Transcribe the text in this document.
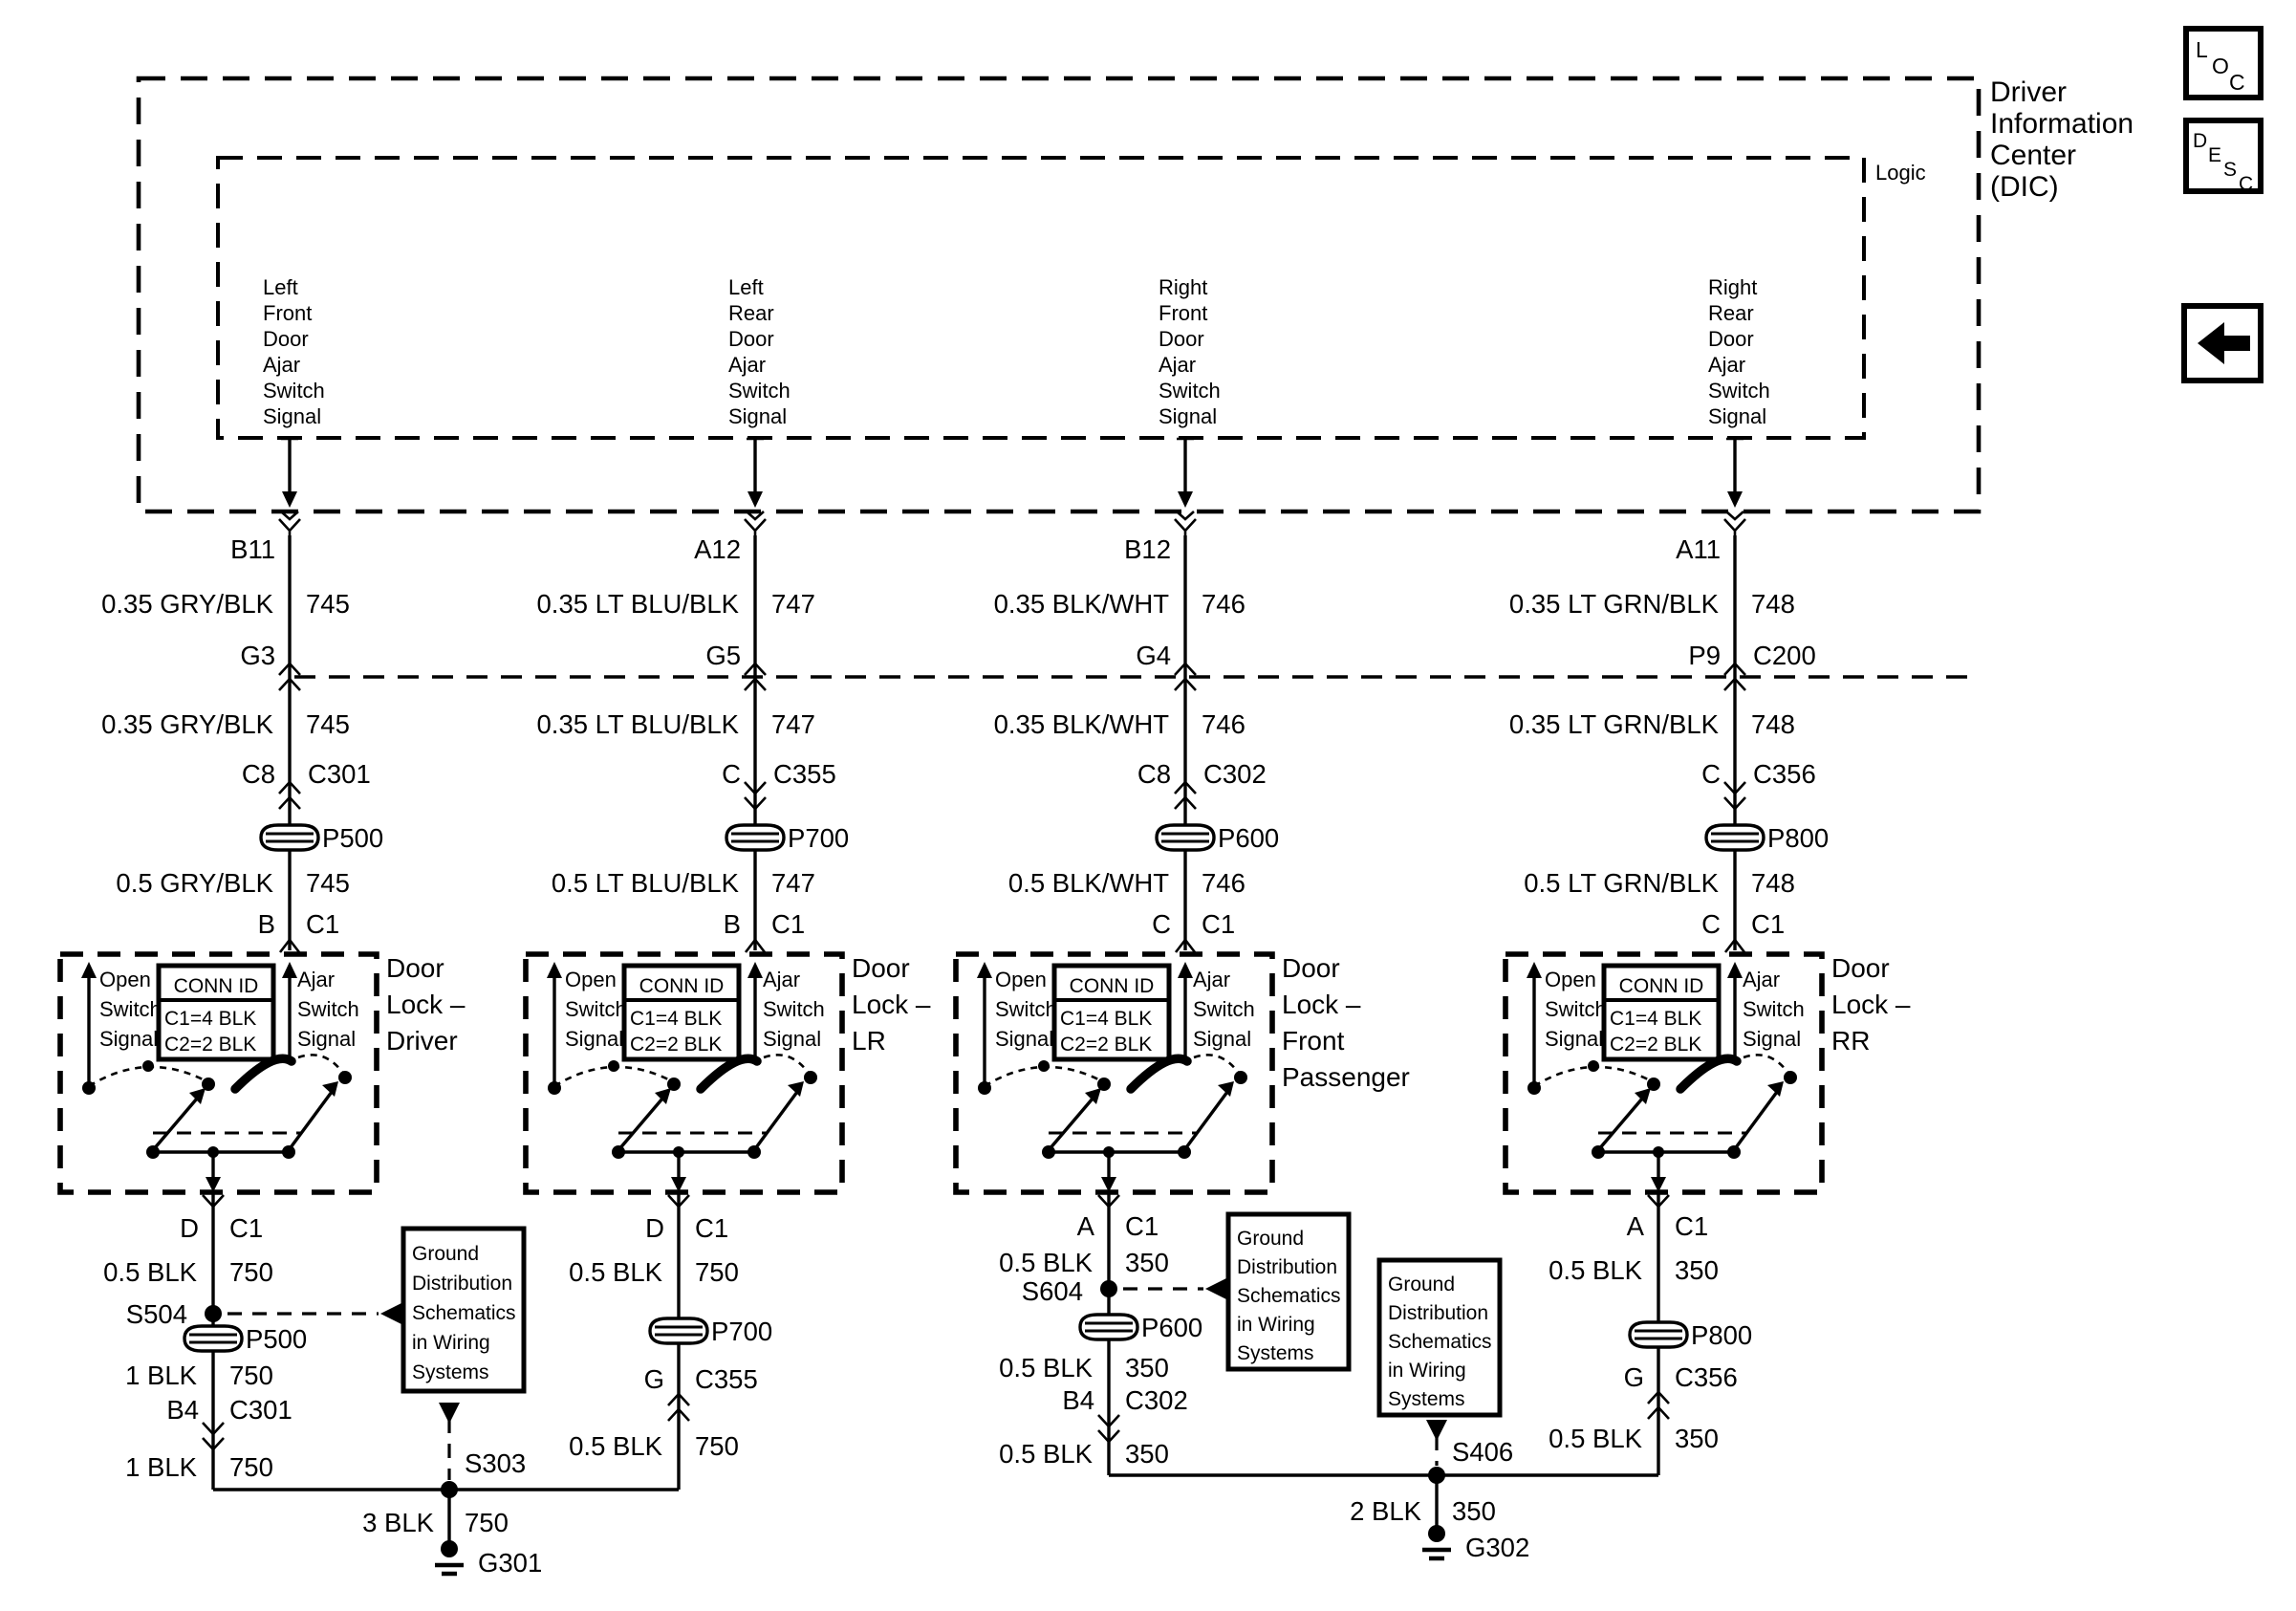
Logic
Driver
Information
Center
(DIC)
L
O
C
D
E
S
C
Left
Front
Door
Ajar
Switch
Signal
B11
0.35 GRY/BLK 745
G3
0.35 GRY/BLK 745
C8 C301
P500
0.5 GRY/BLK 745
B C1
Open
Switch
Signal
CONN ID
C1=4 BLK
C2=2 BLK
Ajar
Switch
Signal
Door
Lock –
Driver
D C1
0.5 BLK 750
S504
P500
1 BLK 750
B4 C301
1 BLK 750
Left
Rear
Door
Ajar
Switch
Signal
A12
0.35 LT BLU/BLK 747
G5
0.35 LT BLU/BLK 747
C C355
P700
0.5 LT BLU/BLK 747
B C1
Open
Switch
Signal
CONN ID
C1=4 BLK
C2=2 BLK
Ajar
Switch
Signal
Door
Lock –
LR
D C1
0.5 BLK 750
P700
G C355
0.5 BLK 750
Right
Front
Door
Ajar
Switch
Signal
B12
0.35 BLK/WHT 746
G4
0.35 BLK/WHT 746
C8 C302
P600
0.5 BLK/WHT 746
C C1
Open
Switch
Signal
CONN ID
C1=4 BLK
C2=2 BLK
Ajar
Switch
Signal
Door
Lock –
Front
Passenger
A C1
0.5 BLK 350
S604
P600
0.5 BLK 350
B4 C302
0.5 BLK 350
Right
Rear
Door
Ajar
Switch
Signal
A11
0.35 LT GRN/BLK 748
P9 C200
0.35 LT GRN/BLK 748
C C356
P800
0.5 LT GRN/BLK 748
C C1
Open
Switch
Signal
CONN ID
C1=4 BLK
C2=2 BLK
Ajar
Switch
Signal
Door
Lock –
RR
A C1
0.5 BLK 350
P800
G C356
0.5 BLK 350
Ground
Distribution
Schematics
in Wiring
Systems
Ground
Distribution
Schematics
in Wiring
Systems
Ground
Distribution
Schematics
in Wiring
Systems
S303
3 BLK 750
G301
S406
2 BLK 350
G302
